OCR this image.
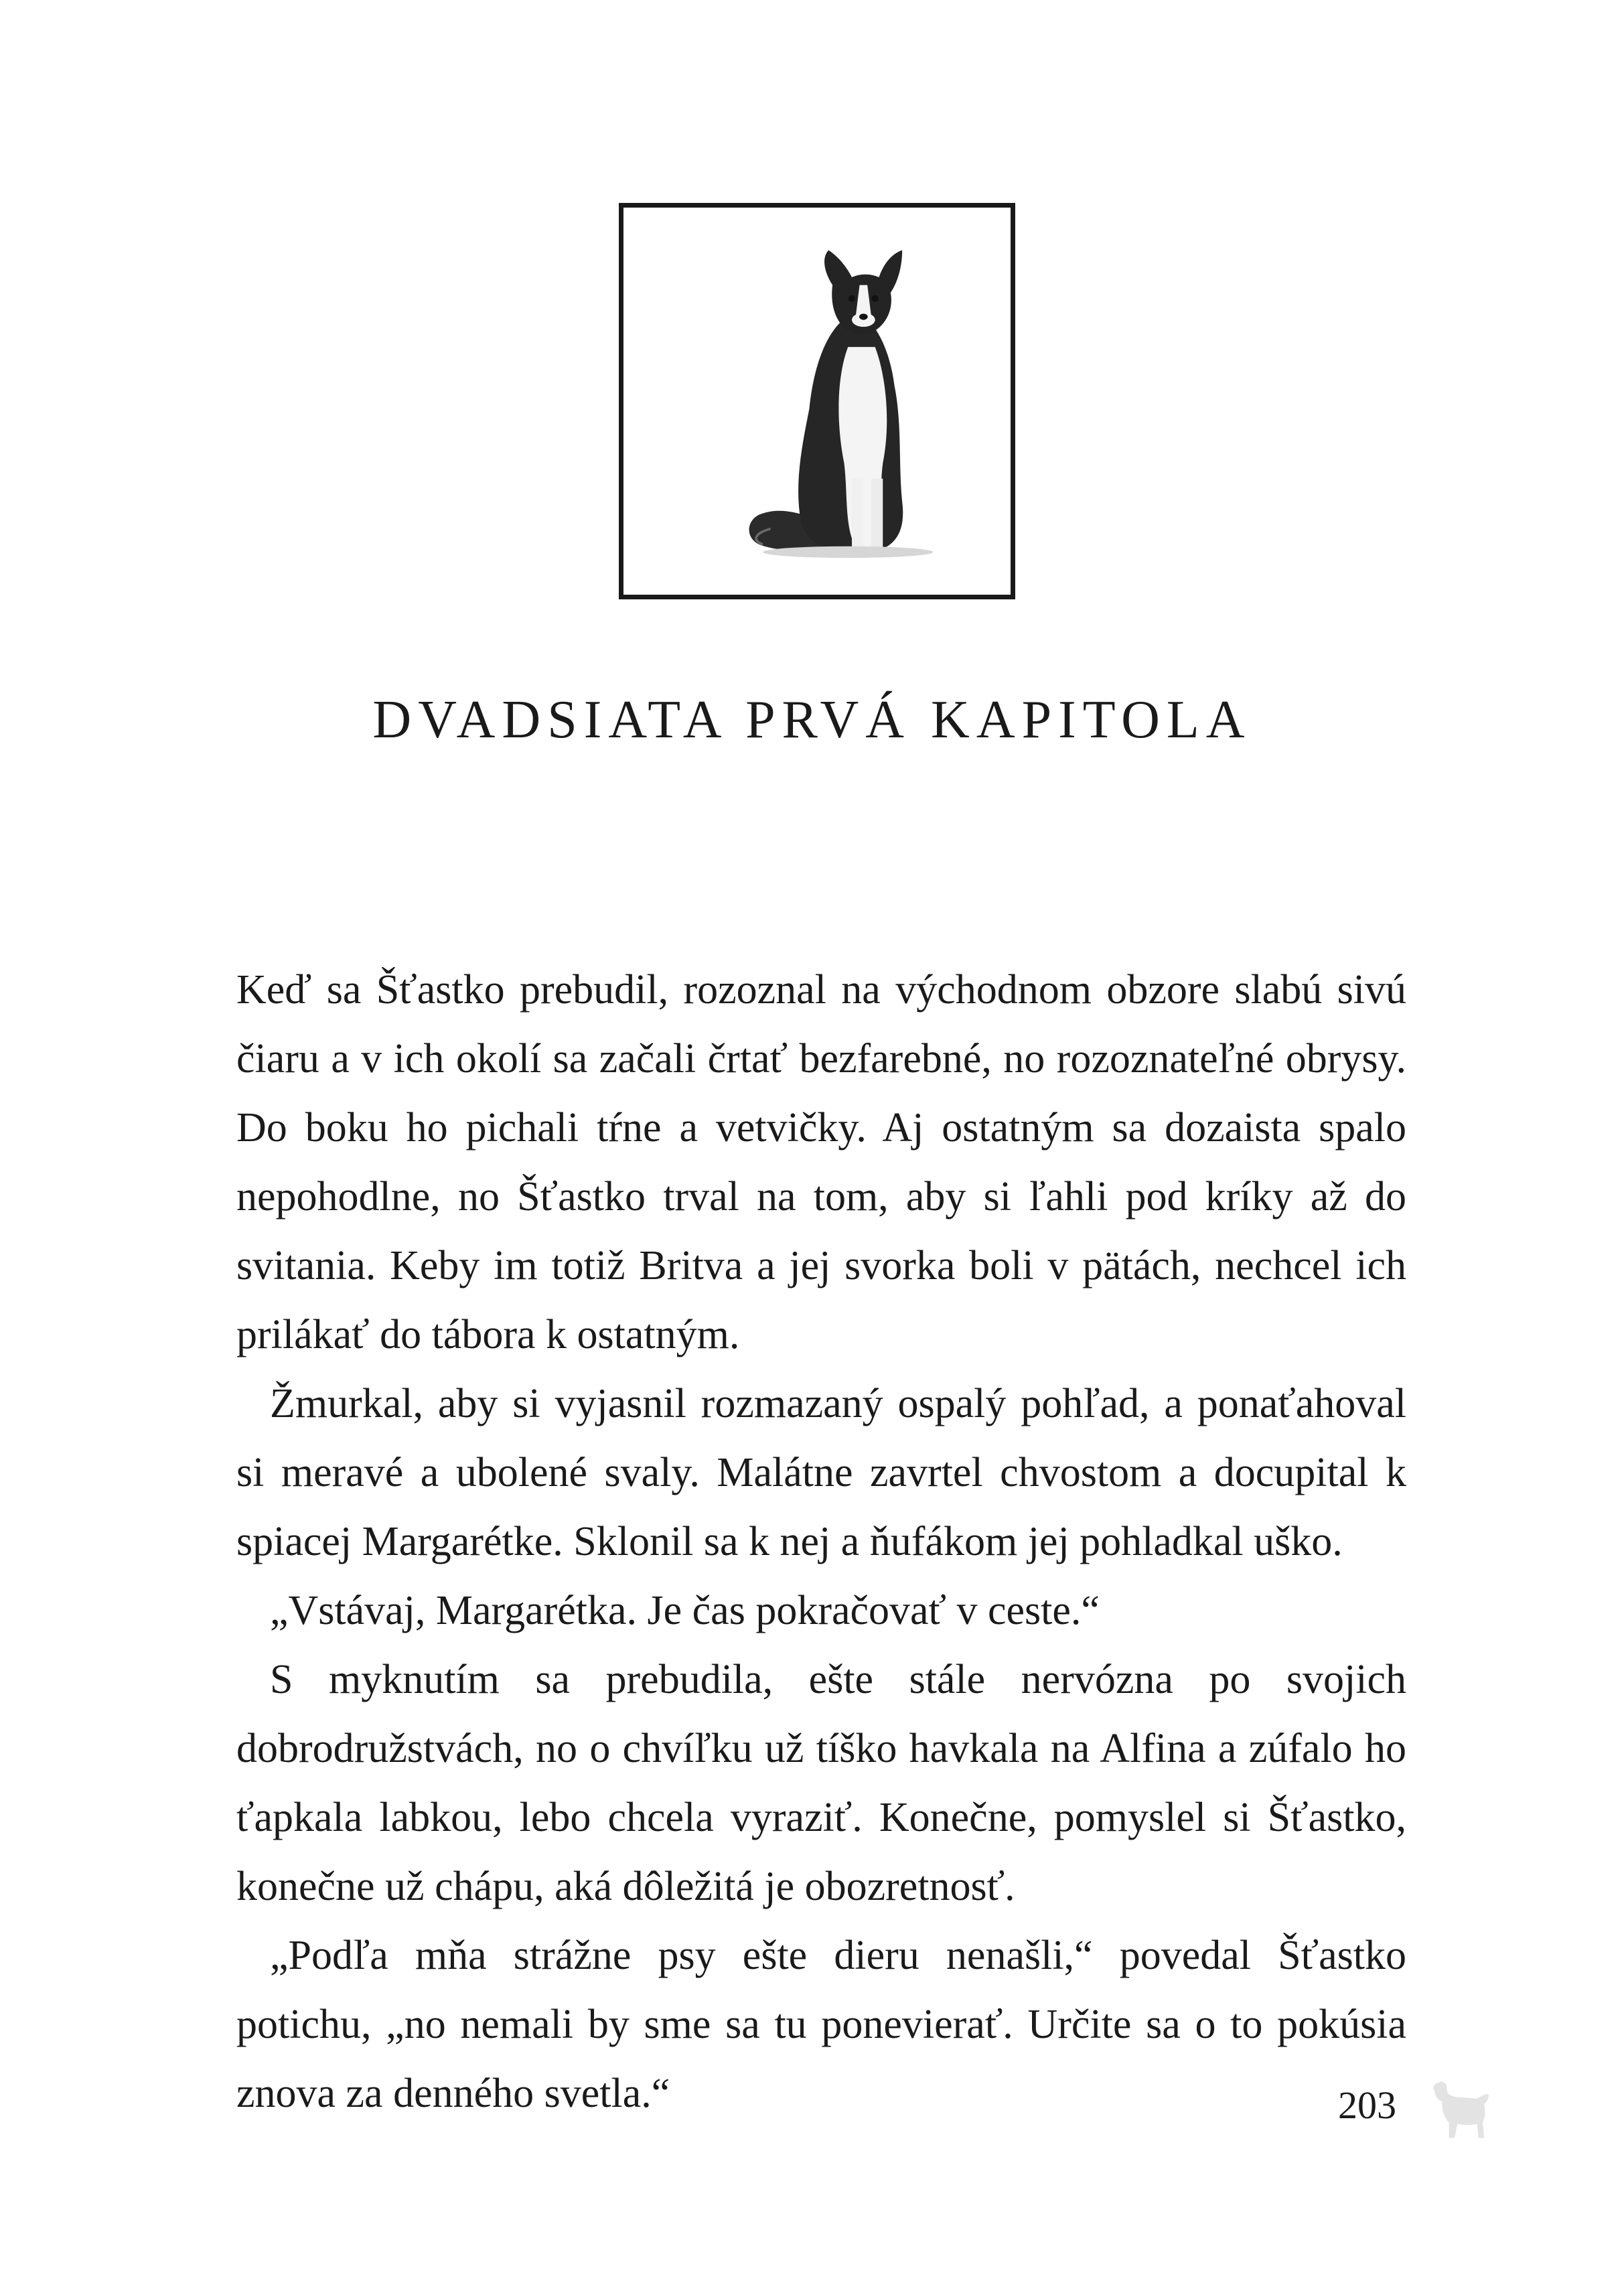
DVADSIATA PRVÁ KAPITOLA

Keď sa Šťastko prebudil, rozoznal na východnom obzore slabú sivú čiaru a v ich okolí sa začali črtať bezfarebné, no rozoznateľné obrysy. Do boku ho pichali tŕne a vetvičky. Aj ostatným sa dozaista spalo nepohodlne, no Šťastko trval na tom, aby si ľahli pod kríky až do svitania. Keby im totiž Britva a jej svorka boli v pätách, nechcel ich prilákať do tábora k ostatným.

Žmurkal, aby si vyjasnil rozmazaný ospalý pohľad, a ponaťahoval si meravé a ubolené svaly. Malátne zavrtel chvostom a docupital k spiacej Margarétke. Sklonil sa k nej a ňufákom jej pohladkal uško.

„Vstávaj, Margarétka. Je čas pokračovať v ceste.“

S myknutím sa prebudila, ešte stále nervózna po svojich dobrodružstvách, no o chvíľku už tíško havkala na Alfina a zúfalo ho ťapkala labkou, lebo chcela vyraziť. Konečne, pomyslel si Šťastko, konečne už chápu, aká dôležitá je obozretnosť.

„Podľa mňa strážne psy ešte dieru nenašli,“ povedal Šťastko potichu, „no nemali by sme sa tu ponevierať. Určite sa o to pokúsia znova za denného svetla.“	203
